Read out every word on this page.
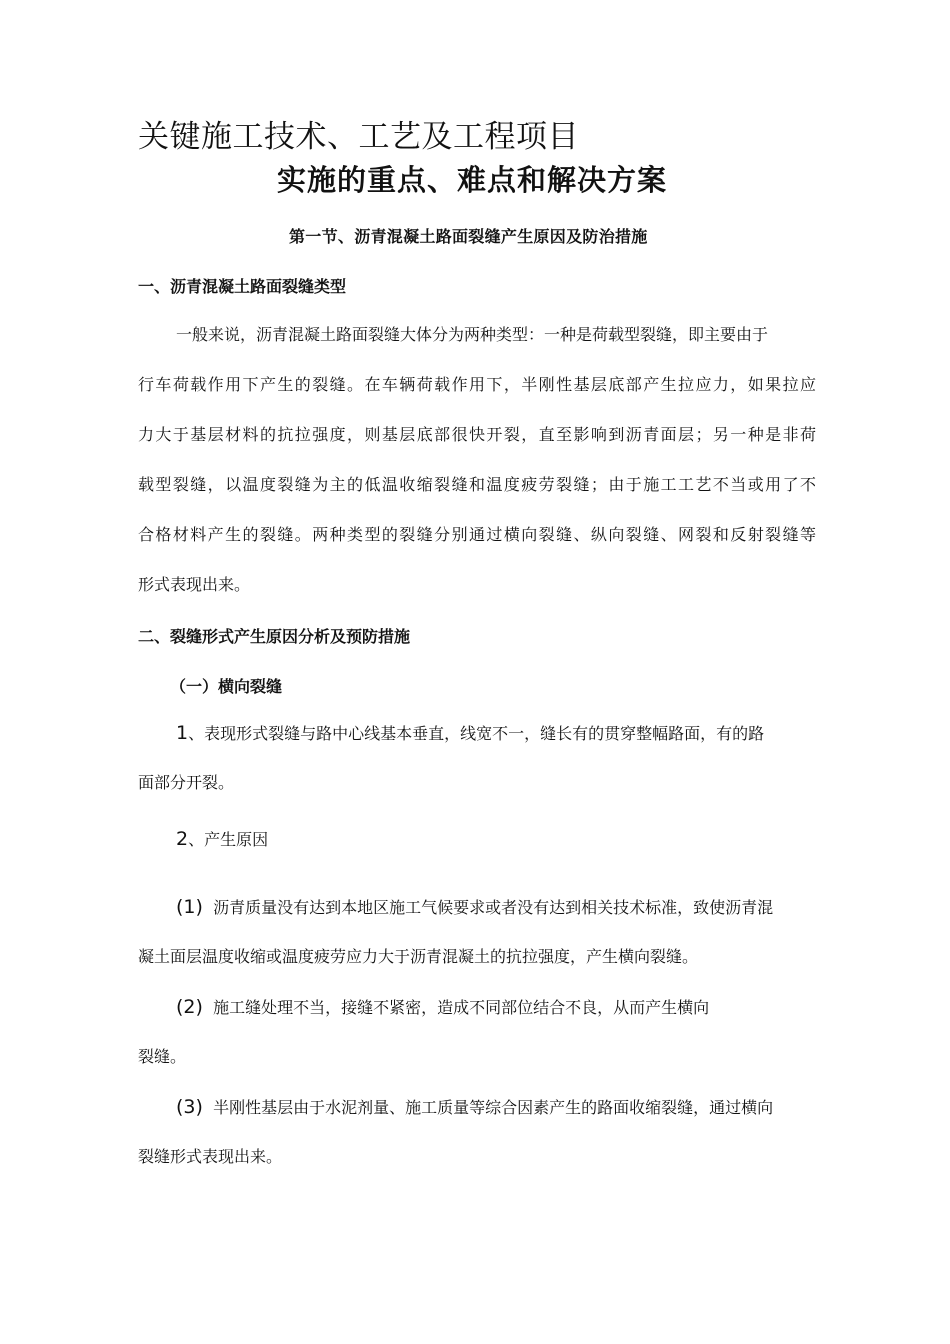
关键施工技术、工艺及工程项目
实施的重点、难点和解决方案
第一节、沥青混凝土路面裂缝产生原因及防治措施
一、沥青混凝土路面裂缝类型
一般来说，沥青混凝土路面裂缝大体分为两种类型：一种是荷载型裂缝，即主要由于
行车荷载作用下产生的裂缝。在车辆荷载作用下，半刚性基层底部产生拉应力，如果拉应
力大于基层材料的抗拉强度，则基层底部很快开裂，直至影响到沥青面层；另一种是非荷
载型裂缝，以温度裂缝为主的低温收缩裂缝和温度疲劳裂缝；由于施工工艺不当或用了不
合格材料产生的裂缝。两种类型的裂缝分别通过横向裂缝、纵向裂缝、网裂和反射裂缝等
形式表现出来。
二、裂缝形式产生原因分析及预防措施
（一）横向裂缝
1、表现形式裂缝与路中心线基本垂直，线宽不一，缝长有的贯穿整幅路面，有的路
面部分开裂。
2、产生原因
(1) 沥青质量没有达到本地区施工气候要求或者没有达到相关技术标准，致使沥青混
凝土面层温度收缩或温度疲劳应力大于沥青混凝土的抗拉强度，产生横向裂缝。
(2) 施工缝处理不当，接缝不紧密，造成不同部位结合不良，从而产生横向
裂缝。
(3) 半刚性基层由于水泥剂量、施工质量等综合因素产生的路面收缩裂缝，通过横向
裂缝形式表现出来。
